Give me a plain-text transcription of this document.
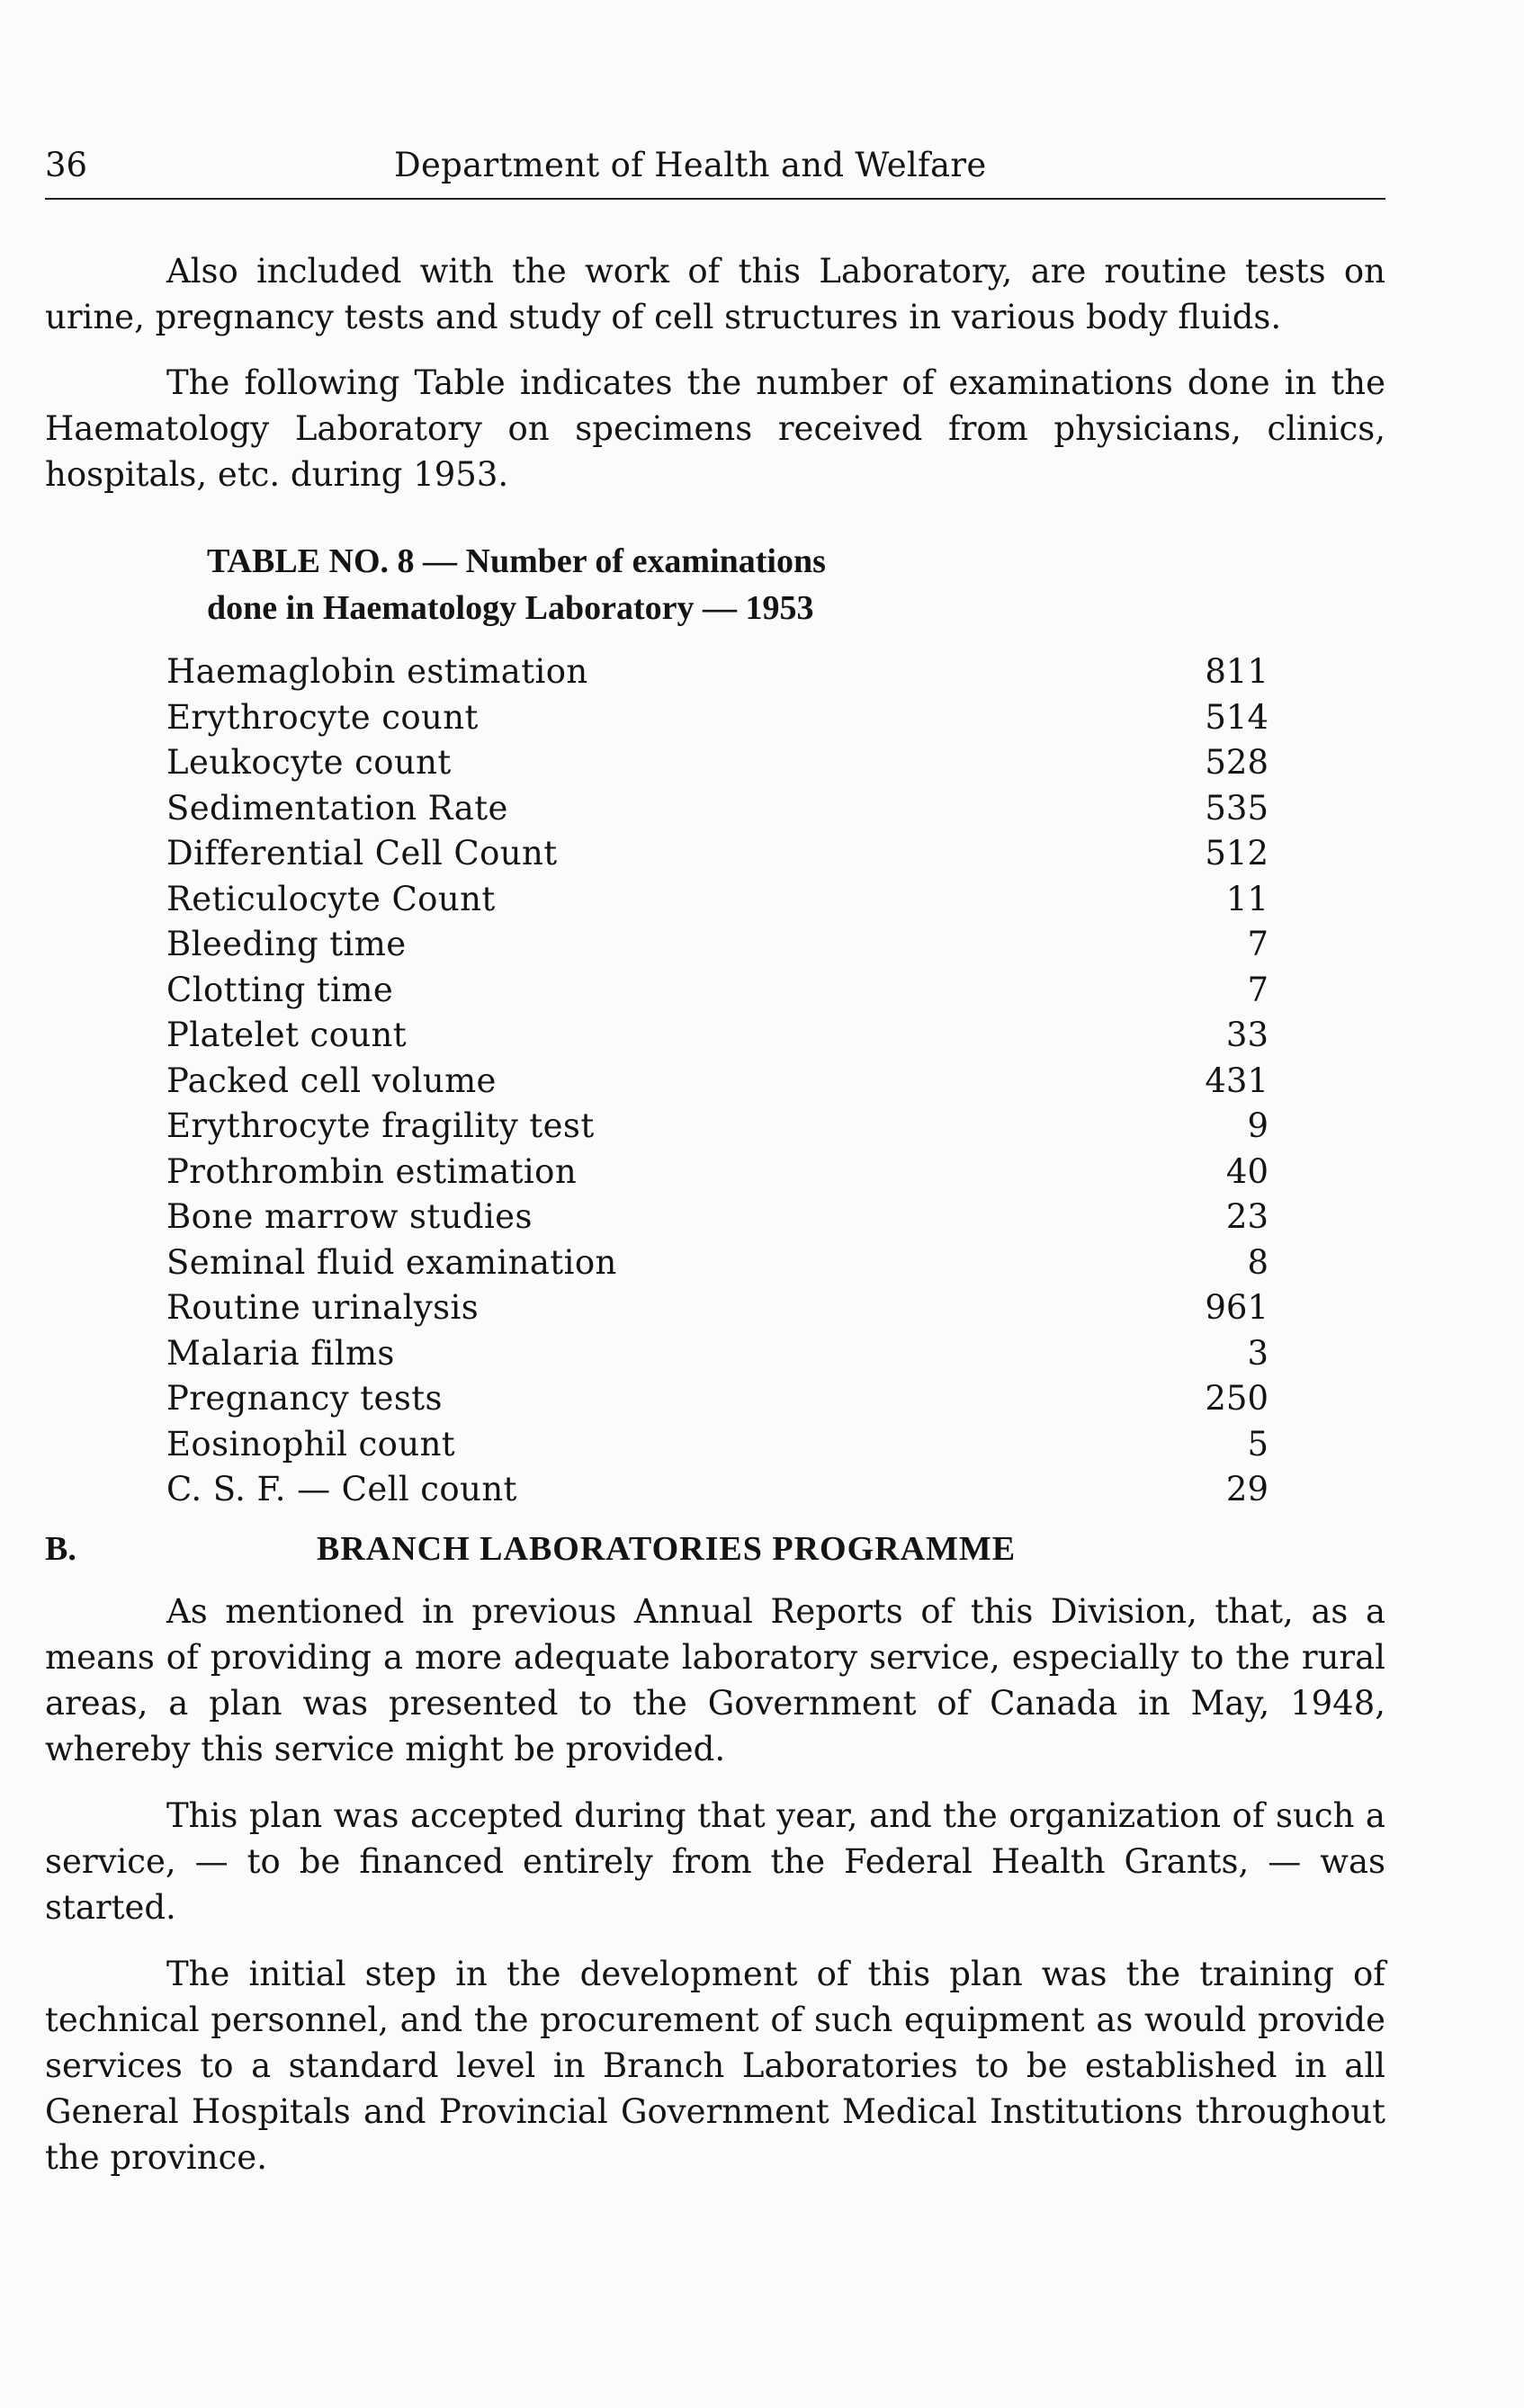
36	Department of Health and Welfare

Also included with the work of this Laboratory, are routine tests on urine, pregnancy tests and study of cell structures in various body fluids.

The following Table indicates the number of examinations done in the Haematology Laboratory on specimens received from physicians, clinics, hospitals, etc. during 1953.

TABLE NO. 8 — Number of examinations
done in Haematology Laboratory — 1953
Haemaglobin estimation	811
Erythrocyte count	514
Leukocyte count	528
Sedimentation Rate	535
Differential Cell Count	512
Reticulocyte Count	11
Bleeding time	7
Clotting time	7
Platelet count	33
Packed cell volume	431
Erythrocyte fragility test	9
Prothrombin estimation	40
Bone marrow studies	23
Seminal fluid examination	8
Routine urinalysis	961
Malaria films	3
Pregnancy tests	250
Eosinophil count	5
C. S. F. — Cell count	29
B.	BRANCH LABORATORIES PROGRAMME

As mentioned in previous Annual Reports of this Division, that, as a means of providing a more adequate laboratory service, especially to the rural areas, a plan was presented to the Government of Canada in May, 1948, whereby this service might be provided.

This plan was accepted during that year, and the organization of such a service, — to be financed entirely from the Federal Health Grants, — was started.

The initial step in the development of this plan was the training of technical personnel, and the procurement of such equipment as would provide services to a standard level in Branch Laboratories to be established in all General Hospitals and Provincial Government Medical Institutions throughout the province.
